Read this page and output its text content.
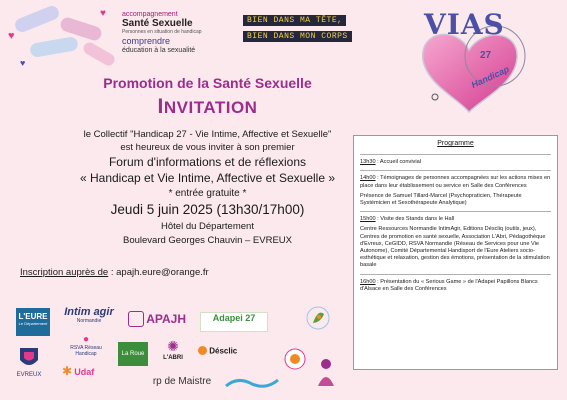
♥
♥
♥
accompagnement
Santé Sexuelle
Personnes en situation de handicap
comprendre
éducation à la sexualité
BIEN DANS MA TÊTE,
BIEN DANS MON CORPS	VIAS
27
Handicap
Promotion de la Santé Sexuelle
INVITATION
le Collectif "Handicap 27 - Vie Intime, Affective et Sexuelle"
est heureux de vous inviter à son premier
Forum d'informations et de réflexions
« Handicap et Vie Intime, Affective et Sexuelle »
* entrée gratuite *
Jeudi 5 juin 2025 (13h30/17h00)
Hôtel du Département
Boulevard Georges Chauvin – EVREUX
Inscription auprès de : apajh.eure@orange.fr
Programme

13h30 : Accueil convivial

14h00 : Témoignages de personnes accompagnées sur les actions mises en place dans leur établissement ou service en Salle des Conférences

Présence de Samuel Tillard-Marcel (Psychopraticien, Thérapeute Systémicien et Sexothérapeute Analytique)

15h00 : Visite des Stands dans le Hall

Centre Ressources Normandie IntimAgir, Editions Déscliq (outils, jeux), Centres de promotion en santé sexuelle, Association L'Abri, Pédagothèque d'Evreux, CeGIDD, RSVA Normandie (Réseau de Services pour une Vie Autonome), Comité Départemental Handisport de l'Eure Ateliers socio-esthétique et relaxation, gestion des émotions, présentation de la stimulation basale

16h00 : Présentation du « Serious Game » de l'Adapei Papillons Blancs d'Alsace en Salle des Conférences

L'EURE
Le Département
Intim agir
Normandie	APAJH	Adapei 27
EVREUX
●
RSVA Réseau Handicap
✱ Udaf
La Roue	✺
L'ABRI
Désclic
rp de Maistre
